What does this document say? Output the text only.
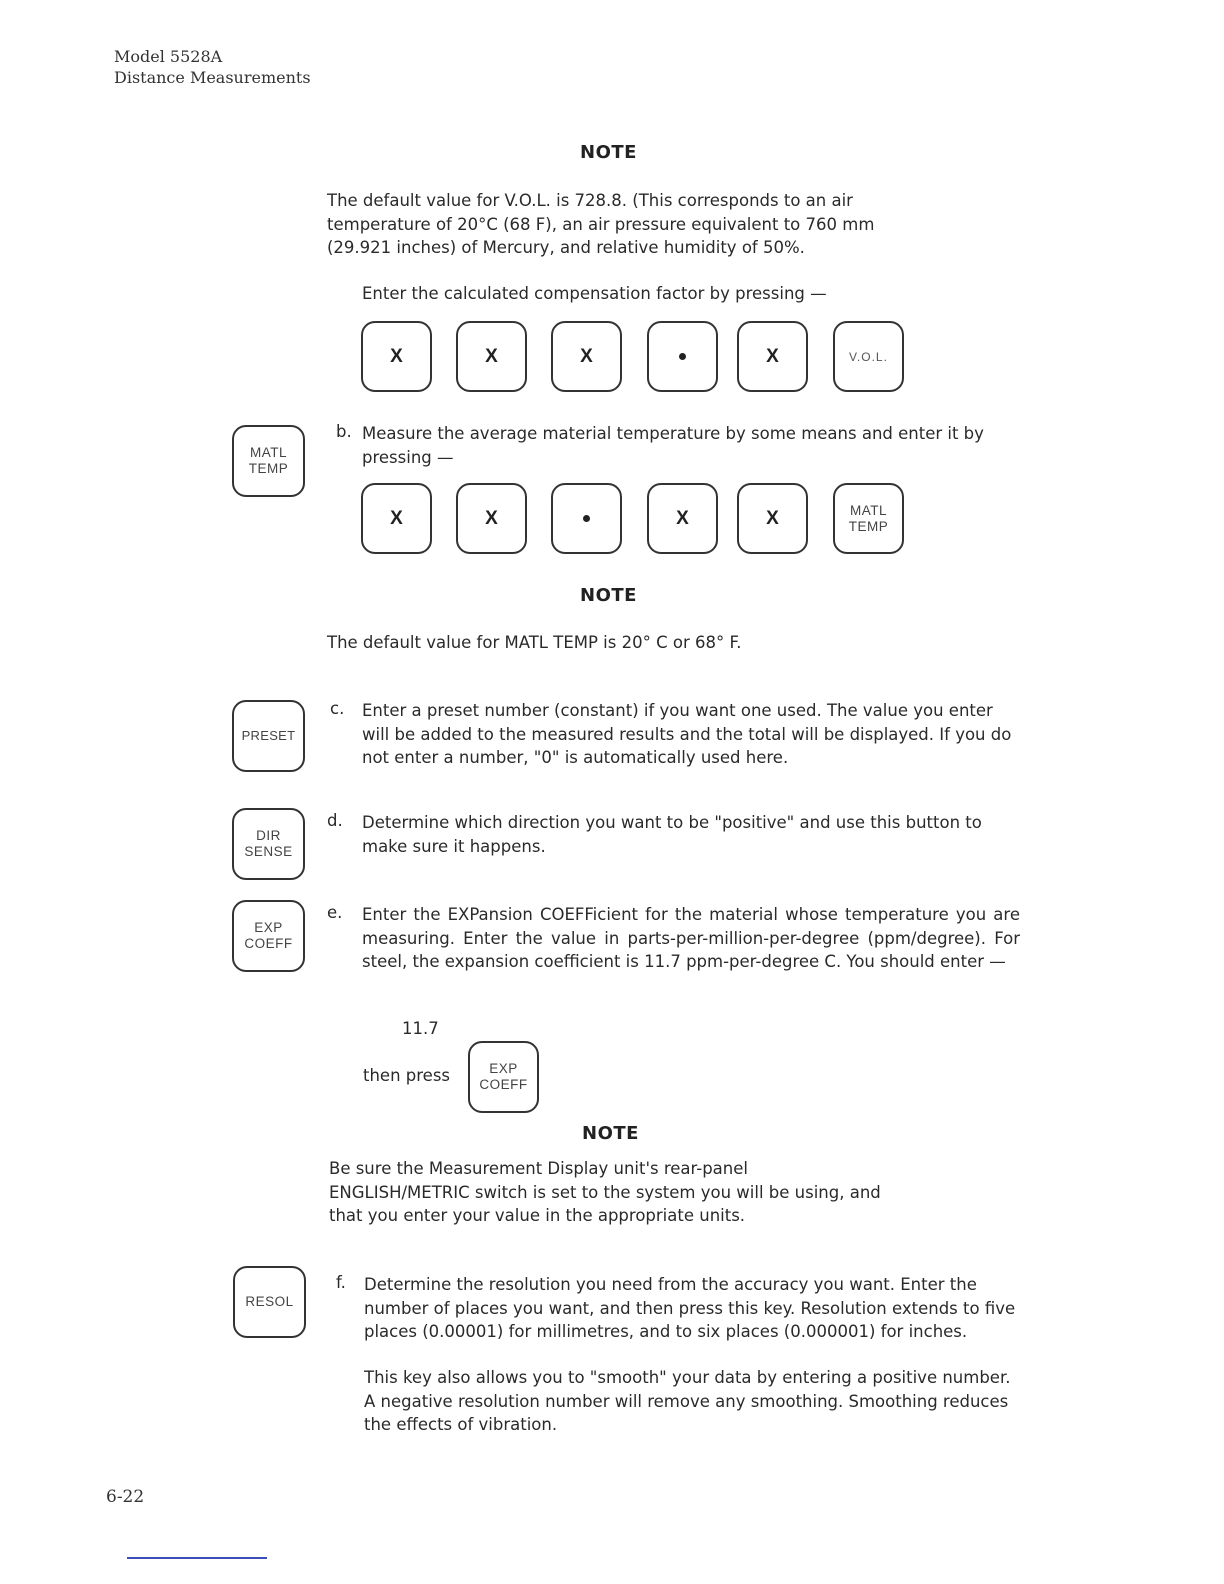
Model 5528A
Distance Measurements
NOTE
The default value for V.O.L. is 728.8. (This corresponds to an air temperature of 20°C (68 F), an air pressure equivalent to 760 mm (29.921 inches) of Mercury, and relative humidity of 50%.
Enter the calculated compensation factor by pressing —
X	X	X	X	V.O.L.
MATL
TEMP
b. Measure the average material temperature by some means and enter it by pressing —
X	X	X	X	MATL
TEMP
NOTE
The default value for MATL TEMP is 20° C or 68° F.
PRESET
c. Enter a preset number (constant) if you want one used. The value you enter will be added to the measured results and the total will be displayed. If you do not enter a number, "0" is automatically used here.
DIR
SENSE
d. Determine which direction you want to be "positive" and use this button to make sure it happens.
EXP
COEFF
e. Enter the EXPansion COEFFicient for the material whose temperature you are measuring. Enter the value in parts-per-million-per-degree (ppm/degree). For steel, the expansion coefficient is 11.7 ppm-per-degree C. You should enter —
11.7
then press	EXP
COEFF
NOTE
Be sure the Measurement Display unit's rear-panel ENGLISH/METRIC switch is set to the system you will be using, and that you enter your value in the appropriate units.
RESOL
f. Determine the resolution you need from the accuracy you want. Enter the number of places you want, and then press this key. Resolution extends to five places (0.00001) for millimetres, and to six places (0.000001) for inches.
This key also allows you to "smooth" your data by entering a positive number. A negative resolution number will remove any smoothing. Smoothing reduces the effects of vibration.
6-22
